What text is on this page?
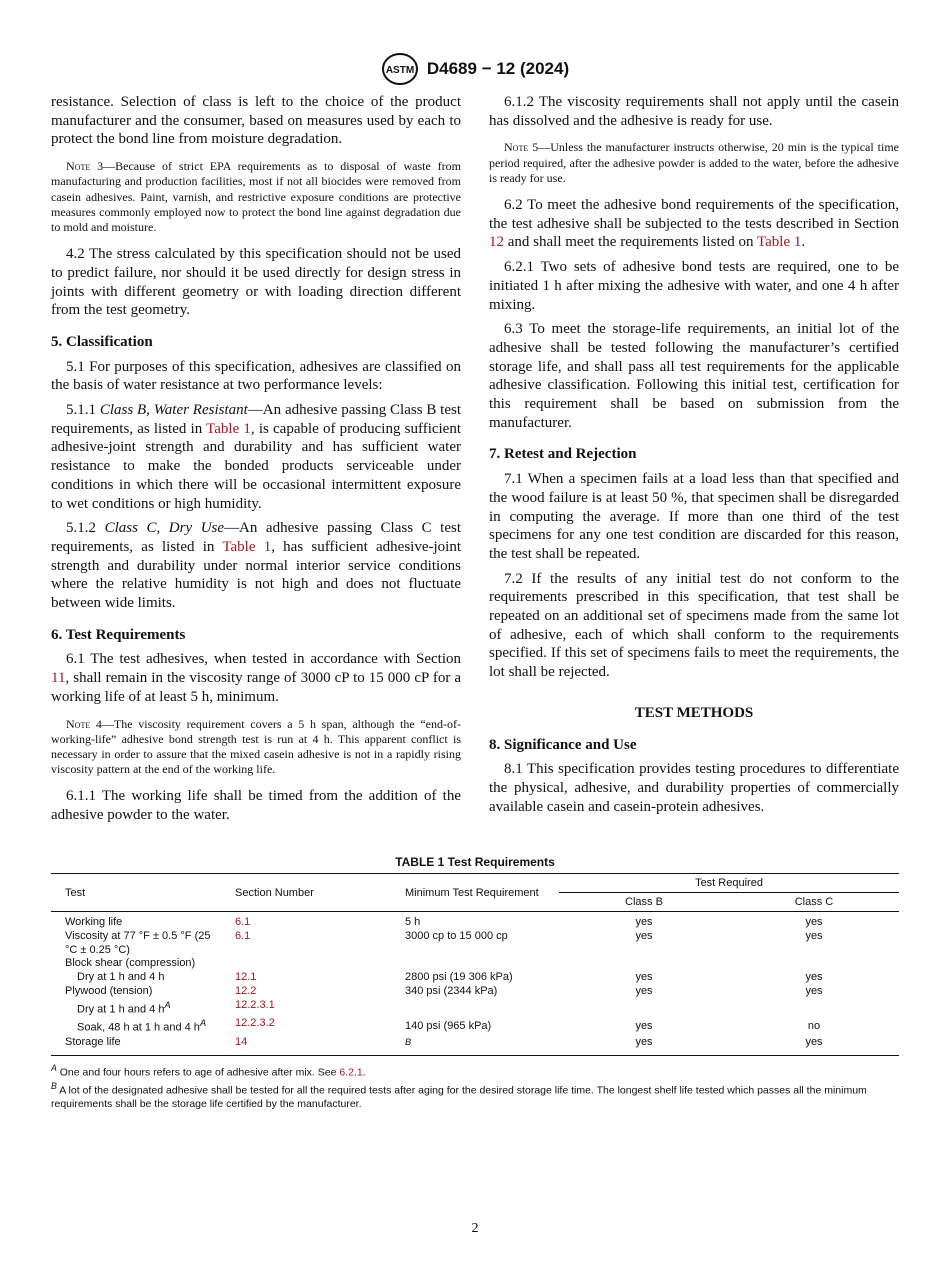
ASTM D4689 − 12 (2024)

resistance. Selection of class is left to the choice of the product manufacturer and the consumer, based on measures used by each to protect the bond line from moisture degradation.

Note 3—Because of strict EPA requirements as to disposal of waste from manufacturing and production facilities, most if not all biocides were removed from casein adhesives. Paint, varnish, and restrictive exposure conditions are protective measures commonly employed now to protect the bond line against degradation due to mold and moisture.

4.2 The stress calculated by this specification should not be used to predict failure, nor should it be used directly for design stress in joints with different geometry or with loading direction different from the test geometry.

5. Classification

5.1 For purposes of this specification, adhesives are classified on the basis of water resistance at two performance levels:

5.1.1 Class B, Water Resistant—An adhesive passing Class B test requirements, as listed in Table 1, is capable of producing sufficient adhesive-joint strength and durability and has sufficient water resistance to make the bonded products serviceable under conditions in which there will be occasional intermittent exposure to wet conditions or high humidity.

5.1.2 Class C, Dry Use—An adhesive passing Class C test requirements, as listed in Table 1, has sufficient adhesive-joint strength and durability under normal interior service conditions where the relative humidity is not high and does not fluctuate between wide limits.

6. Test Requirements

6.1 The test adhesives, when tested in accordance with Section 11, shall remain in the viscosity range of 3000 cP to 15 000 cP for a working life of at least 5 h, minimum.

Note 4—The viscosity requirement covers a 5 h span, although the “end-of-working-life” adhesive bond strength test is run at 4 h. This apparent conflict is necessary in order to assure that the mixed casein adhesive is not in a rapidly rising viscosity pattern at the end of the working life.

6.1.1 The working life shall be timed from the addition of the adhesive powder to the water.

6.1.2 The viscosity requirements shall not apply until the casein has dissolved and the adhesive is ready for use.

Note 5—Unless the manufacturer instructs otherwise, 20 min is the typical time period required, after the adhesive powder is added to the water, before the adhesive is ready for use.

6.2 To meet the adhesive bond requirements of the specification, the test adhesive shall be subjected to the tests described in Section 12 and shall meet the requirements listed on Table 1.

6.2.1 Two sets of adhesive bond tests are required, one to be initiated 1 h after mixing the adhesive with water, and one 4 h after mixing.

6.3 To meet the storage-life requirements, an initial lot of the adhesive shall be tested following the manufacturer’s certified storage life, and shall pass all test requirements for the applicable adhesive classification. Following this initial test, certification for this requirement shall be based on submission from the manufacturer.

7. Retest and Rejection

7.1 When a specimen fails at a load less than that specified and the wood failure is at least 50 %, that specimen shall be disregarded in computing the average. If more than one third of the test specimens for any one test condition are discarded for this reason, the test shall be repeated.

7.2 If the results of any initial test do not conform to the requirements prescribed in this specification, that test shall be repeated on an additional set of specimens made from the same lot of adhesive, each of which shall conform to the requirements specified. If this set of specimens fails to meet the requirements, the lot shall be rejected.

TEST METHODS
8. Significance and Use

8.1 This specification provides testing procedures to differentiate the physical, adhesive, and durability properties of commercially available casein and casein-protein adhesives.

TABLE 1 Test Requirements
Test	Section Number	Minimum Test Requirement	Test Required	
			Class B	Class C
Working life	6.1	5 h	yes	yes
Viscosity at 77 °F ± 0.5 °F (25 °C ± 0.25 °C)	6.1	3000 cp to 15 000 cp	yes	yes
Block shear (compression)				
Dry at 1 h and 4 h	12.1	2800 psi (19 306 kPa)	yes	yes
Plywood (tension)	12.2	340 psi (2344 kPa)	yes	yes
Dry at 1 h and 4 $h^A$	12.2.3.1			
Soak, 48 h at 1 h and 4 $h^A$	12.2.3.2	140 psi (965 kPa)	yes	no
Storage life	14	$^B$	yes	yes
$^A$ One and four hours refers to age of adhesive after mix. See 6.2.1.
$^B$ A lot of the designated adhesive shall be tested for all the required tests after aging for the desired storage life time. The longest shelf life tested which passes all the minimum requirements shall be the storage life certified by the manufacturer.
2
